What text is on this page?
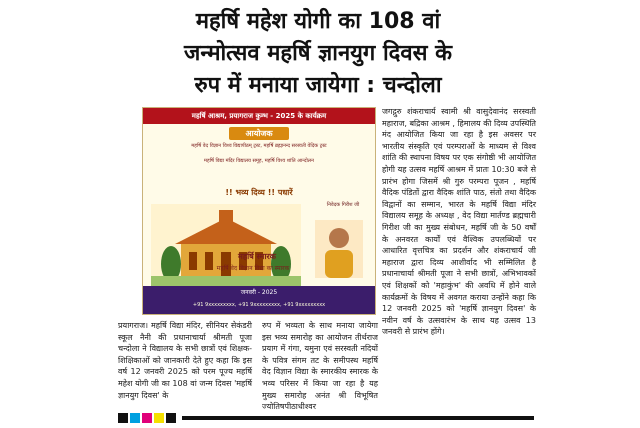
महर्षि महेश योगी का 108 वां
जन्मोत्सव महर्षि ज्ञानयुग दिवस के
रुप में मनाया जायेगा : चन्दोला
महर्षि आश्रम, प्रयागराज कुम्भ - 2025 के कार्यक्रम
आयोजक
महर्षि वेद विज्ञान विश्व विद्यापीठम् ट्रस्ट, महर्षि ब्रह्मानन्द सरस्वती वेदिक ट्रस्ट
महर्षि विद्या मंदिर विद्यालय समूह, महर्षि विश्व शांति आन्दोलन
!! भव्य दिव्य !! पधारें
निवेदक गिरीश जी
महर्षि स्मारक
महर्षि वेद विज्ञान विद्या का स्मारक
जनवरी - 2025
+91 9xxxxxxxxx, +91 9xxxxxxxxx, +91 9xxxxxxxxx
जगद्गुरु शंकराचार्य स्वामी श्री वासुदेवानंद सरस्वती महाराज, बद्रिका आश्रम , हिमालय की दिव्य उपस्थिति मंद आयोजित किया जा रहा है इस अवसर पर भारतीय संस्कृति एवं परम्पराओं के माध्यम से विश्व शांति की स्थापना विषय पर एक संगोष्ठी भी आयोजित होगी यह उत्सव महर्षि आश्रम में प्रातः 10:30 बजे से प्रारंभ होगा जिसमें श्री गुरु परम्परा पूजन , महर्षि वैदिक पंडितों द्वारा वैदिक शांति पाठ, संतो तथा वैदिक विद्वानों का सम्मान, भारत के महर्षि विद्या मंदिर विद्यालय समूह के अध्यक्ष , वेद विद्या मार्तण्ड ब्रह्मचारी गिरीश जी का मुख्य संबोधन, महर्षि जी के 50 वर्षों के अनवरत कार्यों एवं वैश्विक उपलब्धियों पर आधारित वृत्तचित्र का प्रदर्शन और शंकराचार्य जी महाराज द्वारा दिव्य आशीर्वाद भी सम्मिलित है प्रधानाचार्या श्रीमती पूजा ने सभी छात्रों, अभिभावकों एवं शिक्षकों को 'महाकुंभ' की अवधि में होने वाले कार्यक्रमों के विषय में अवगत कराया उन्होंने कहा कि 12 जनवरी 2025 को 'महर्षि ज्ञानयुग दिवस' के नवीन वर्ष के उत्सवारंभ के साथ यह उत्सव 13 जनवरी से प्रारंभ होंगे।
प्रयागराज। महर्षि विद्या मंदिर, सीनियर सेकंडरी स्कूल नैनी की प्रधानाचार्या श्रीमती पूजा चन्दोला ने विद्यालय के सभी छात्रों एवं शिक्षक-शिक्षिकाओं को जानकारी देते हुए कहा कि इस वर्ष 12 जनवरी 2025 को परम पूज्य महर्षि महेश योगी जी का 108 वां जन्म दिवस 'महर्षि ज्ञानयुग दिवस' के
रुप में भव्यता के साथ मनाया जायेगा इस भव्य समारोह का आयोजन तीर्थराज प्रयाग में गंगा, यमुना एवं सरस्वती नदियों के पवित्र संगम तट के समीपस्थ महर्षि वेद विज्ञान विद्या के स्मारकीय स्मारक के भव्य परिसर में किया जा रहा है यह मुख्य समारोह अनंत श्री विभूषित ज्योतिषपीठाधीश्वर
